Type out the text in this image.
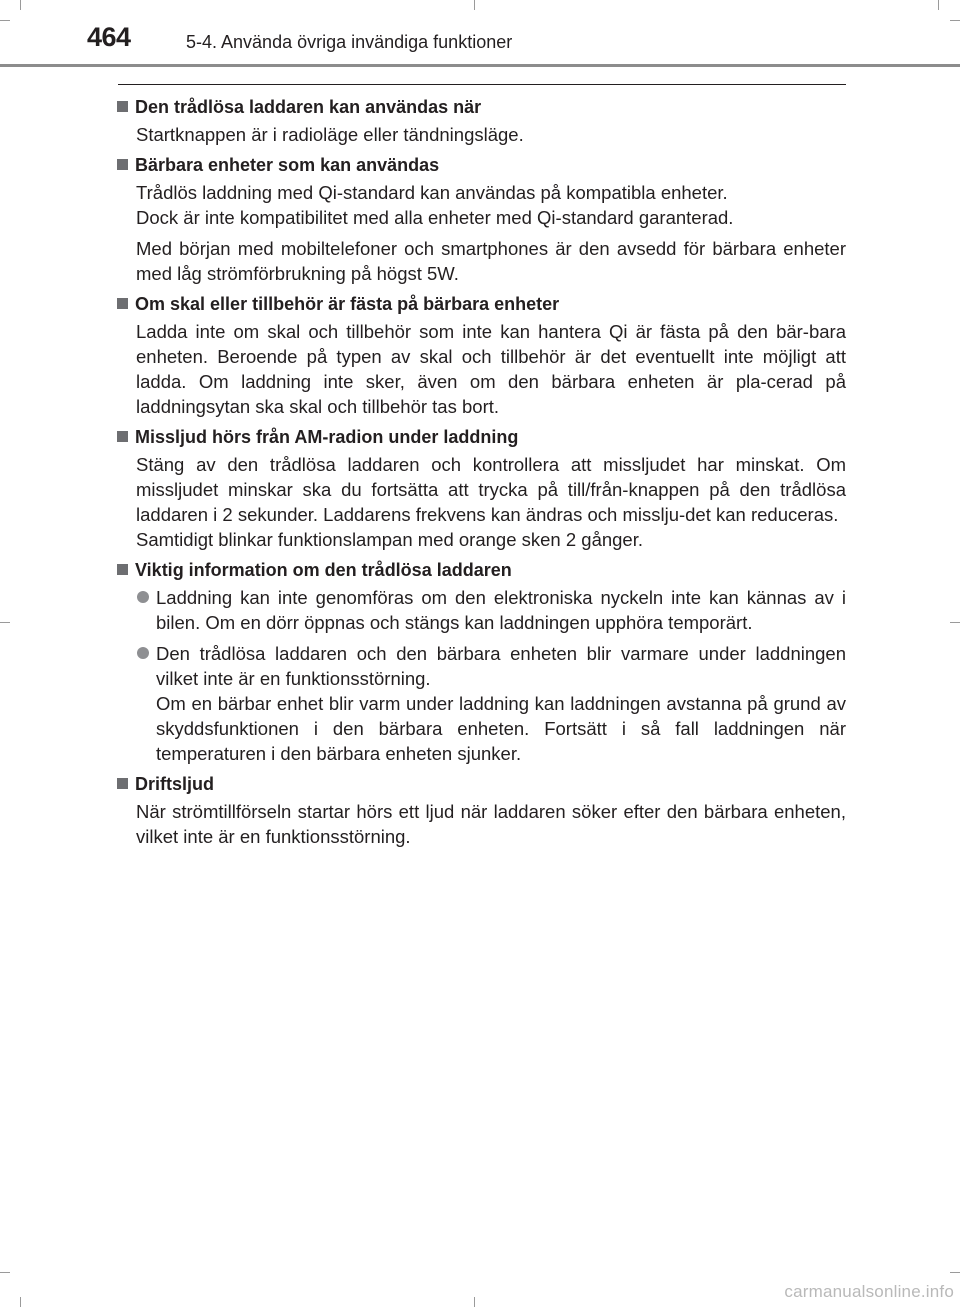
464	5-4. Använda övriga invändiga funktioner
Den trådlösa laddaren kan användas när
Startknappen är i radioläge eller tändningsläge.
Bärbara enheter som kan användas
Trådlös laddning med Qi-standard kan användas på kompatibla enheter.
Dock är inte kompatibilitet med alla enheter med Qi-standard garanterad.
Med början med mobiltelefoner och smartphones är den avsedd för bärbara enheter med låg strömförbrukning på högst 5W.
Om skal eller tillbehör är fästa på bärbara enheter
Ladda inte om skal och tillbehör som inte kan hantera Qi är fästa på den bär-bara enheten. Beroende på typen av skal och tillbehör är det eventuellt inte möjligt att ladda. Om laddning inte sker, även om den bärbara enheten är pla-cerad på laddningsytan ska skal och tillbehör tas bort.
Missljud hörs från AM-radion under laddning
Stäng av den trådlösa laddaren och kontrollera att missljudet har minskat. Om missljudet minskar ska du fortsätta att trycka på till/från-knappen på den trådlösa laddaren i 2 sekunder. Laddarens frekvens kan ändras och misslju-det kan reduceras.
Samtidigt blinkar funktionslampan med orange sken 2 gånger.
Viktig information om den trådlösa laddaren
Laddning kan inte genomföras om den elektroniska nyckeln inte kan kännas av i bilen. Om en dörr öppnas och stängs kan laddningen upphöra temporärt.
Den trådlösa laddaren och den bärbara enheten blir varmare under laddningen vilket inte är en funktionsstörning.
Om en bärbar enhet blir varm under laddning kan laddningen avstanna på grund av skyddsfunktionen i den bärbara enheten. Fortsätt i så fall laddningen när temperaturen i den bärbara enheten sjunker.
Driftsljud
När strömtillförseln startar hörs ett ljud när laddaren söker efter den bärbara enheten, vilket inte är en funktionsstörning.
carmanualsonline.info
